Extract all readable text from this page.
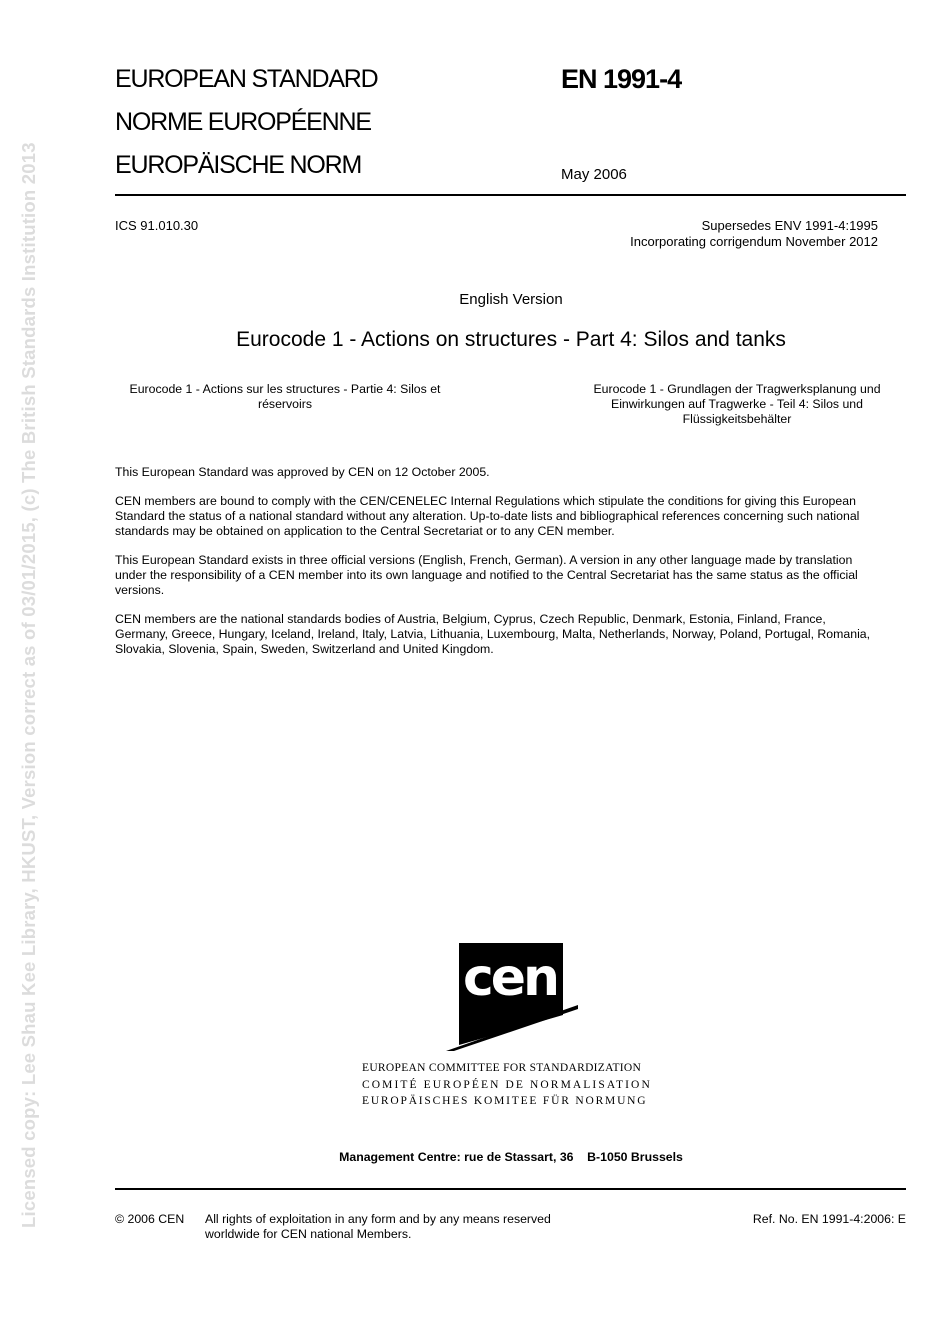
Licensed copy: Lee Shau Kee Library, HKUST, Version correct as of 03/01/2015, (c) The British Standards Institution 2013
EUROPEAN STANDARD
NORME EUROPÉENNE
EUROPÄISCHE NORM
EN 1991-4
May 2006
ICS 91.010.30	Supersedes ENV 1991-4:1995
Incorporating corrigendum November 2012
English Version
Eurocode 1 - Actions on structures - Part 4: Silos and tanks
Eurocode 1 - Actions sur les structures - Partie 4: Silos et
réservoirs
Eurocode 1 - Grundlagen der Tragwerksplanung und
Einwirkungen auf Tragwerke - Teil 4: Silos und
Flüssigkeitsbehälter
This European Standard was approved by CEN on 12 October 2005.
CEN members are bound to comply with the CEN/CENELEC Internal Regulations which stipulate the conditions for giving this European
Standard the status of a national standard without any alteration. Up-to-date lists and bibliographical references concerning such national
standards may be obtained on application to the Central Secretariat or to any CEN member.
This European Standard exists in three official versions (English, French, German). A version in any other language made by translation
under the responsibility of a CEN member into its own language and notified to the Central Secretariat has the same status as the official
versions.
CEN members are the national standards bodies of Austria, Belgium, Cyprus, Czech Republic, Denmark, Estonia, Finland, France,
Germany, Greece, Hungary, Iceland, Ireland, Italy, Latvia, Lithuania, Luxembourg, Malta, Netherlands, Norway, Poland, Portugal, Romania,
Slovakia, Slovenia, Spain, Sweden, Switzerland and United Kingdom.
cen
EUROPEAN COMMITTEE FOR STANDARDIZATION
COMITÉ EUROPÉEN DE NORMALISATION
EUROPÄISCHES KOMITEE FÜR NORMUNG
Management Centre: rue de Stassart, 36    B-1050 Brussels
© 2006 CEN All rights of exploitation in any form and by any means reserved
worldwide for CEN national Members.
Ref. No. EN 1991-4:2006: E
